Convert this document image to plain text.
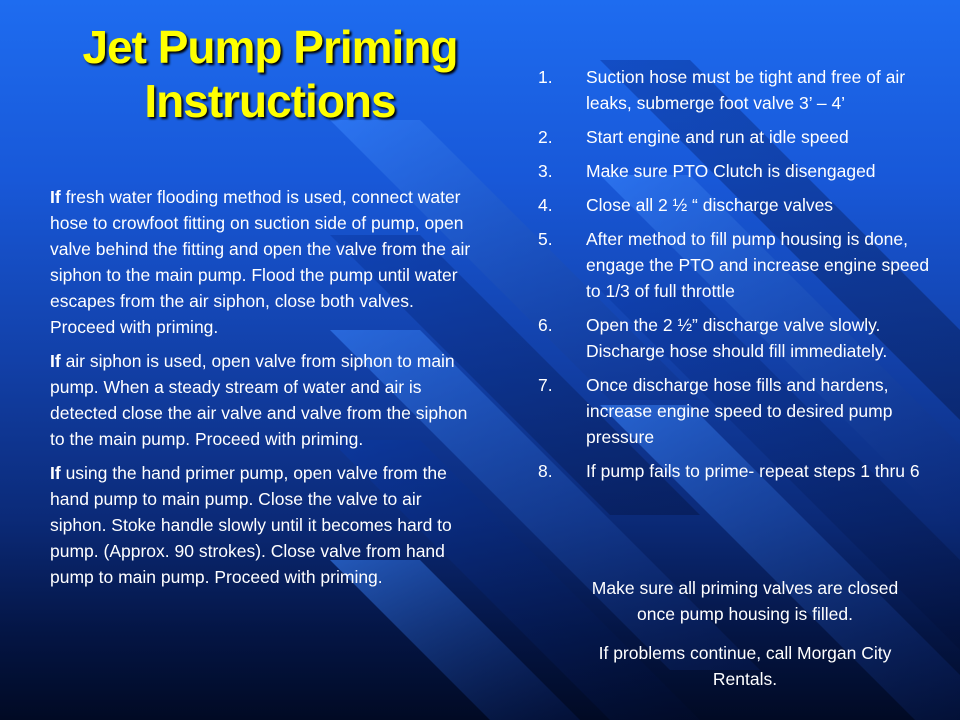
Jet Pump Priming
Instructions

If fresh water flooding method is used, connect water hose to crowfoot fitting on suction side of pump, open valve behind the fitting and open the valve from the air siphon to the main pump. Flood the pump until water escapes from the air siphon, close both valves. Proceed with priming.

If air siphon is used, open valve from siphon to main pump. When a steady stream of water and air is detected close the air valve and valve from the siphon to the main pump. Proceed with priming.

If using the hand primer pump, open valve from the hand pump to main pump. Close the valve to air siphon. Stoke handle slowly until it becomes hard to pump. (Approx. 90 strokes). Close valve from hand pump to main pump. Proceed with priming.

1. Suction hose must be tight and free of air leaks, submerge foot valve 3’ – 4’
2. Start engine and run at idle speed
3. Make sure PTO Clutch is disengaged
4. Close all 2 ½ “ discharge valves
5. After method to fill pump housing is done, engage the PTO and increase engine speed to 1/3 of full throttle
6. Open the 2 ½” discharge valve slowly. Discharge hose should fill immediately.
7. Once discharge hose fills and hardens, increase engine speed to desired pump pressure
8. If pump fails to prime- repeat steps 1 thru 6
Make sure all priming valves are closed
once pump housing is filled.
If problems continue, call Morgan City
Rentals.
